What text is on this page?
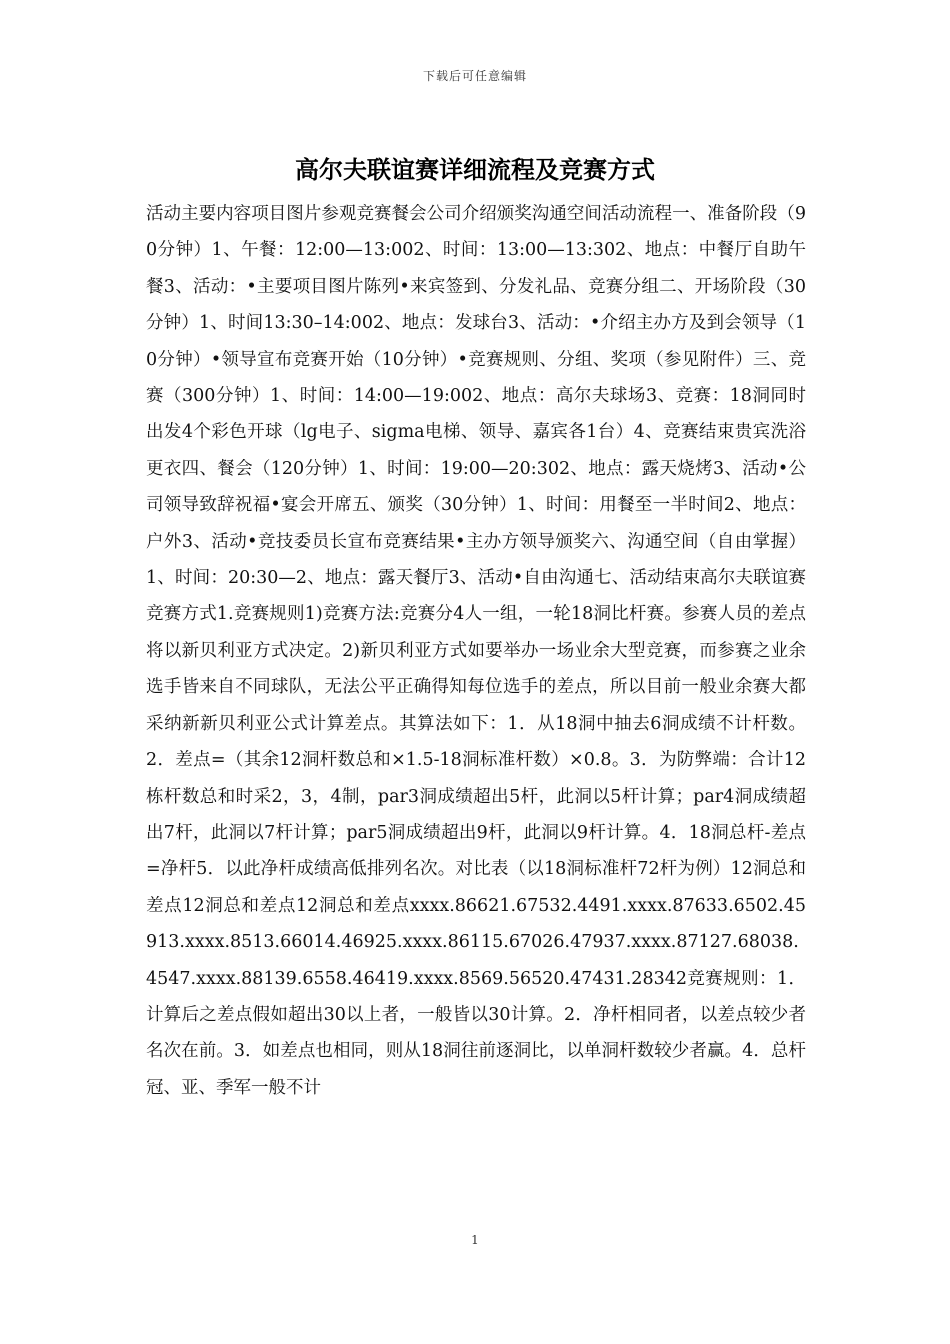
下载后可任意编辑
高尔夫联谊赛详细流程及竞赛方式

活动主要内容项目图片参观竞赛餐会公司介绍颁奖沟通空间活动流程一、准备阶段（90分钟）1、午餐：12:00—13:002、时间：13:00—13:302、地点：中餐厅自助午餐3、活动：•主要项目图片陈列•来宾签到、分发礼品、竞赛分组二、开场阶段（30分钟）1、时间13:30–14:002、地点：发球台3、活动：•介绍主办方及到会领导（10分钟）•领导宣布竞赛开始（10分钟）•竞赛规则、分组、奖项（参见附件）三、竞赛（300分钟）1、时间：14:00—19:002、地点：高尔夫球场3、竞赛：18洞同时出发4个彩色开球（lg电子、sigma电梯、领导、嘉宾各1台）4、竞赛结束贵宾洗浴更衣四、餐会（120分钟）1、时间：19:00—20:302、地点：露天烧烤3、活动•公司领导致辞祝福•宴会开席五、颁奖（30分钟）1、时间：用餐至一半时间2、地点：户外3、活动•竞技委员长宣布竞赛结果•主办方领导颁奖六、沟通空间（自由掌握）1、时间：20:30—2、地点：露天餐厅3、活动•自由沟通七、活动结束高尔夫联谊赛竞赛方式1.竞赛规则1)竞赛方法:竞赛分4人一组，一轮18洞比杆赛。参赛人员的差点将以新贝利亚方式决定。2)新贝利亚方式如要举办一场业余大型竞赛，而参赛之业余选手皆来自不同球队，无法公平正确得知每位选手的差点，所以目前一般业余赛大都采纳新新贝利亚公式计算差点。其算法如下：1．从18洞中抽去6洞成绩不计杆数。2．差点=（其余12洞杆数总和×1.5-18洞标准杆数）×0.8。3．为防弊端：合计12栋杆数总和时采2，3，4制，par3洞成绩超出5杆，此洞以5杆计算；par4洞成绩超出7杆，此洞以7杆计算；par5洞成绩超出9杆，此洞以9杆计算。4．18洞总杆-差点=净杆5．以此净杆成绩高低排列名次。对比表（以18洞标准杆72杆为例）12洞总和差点12洞总和差点12洞总和差点xxxx.86621.67532.4491.xxxx.87633.6502.45913.xxxx.8513.66014.46925.xxxx.86115.67026.47937.xxxx.87127.68038.4547.xxxx.88139.6558.46419.xxxx.8569.56520.47431.28342竞赛规则：1．计算后之差点假如超出30以上者，一般皆以30计算。2．净杆相同者，以差点较少者名次在前。3．如差点也相同，则从18洞往前逐洞比，以单洞杆数较少者赢。4．总杆冠、亚、季军一般不计

1
